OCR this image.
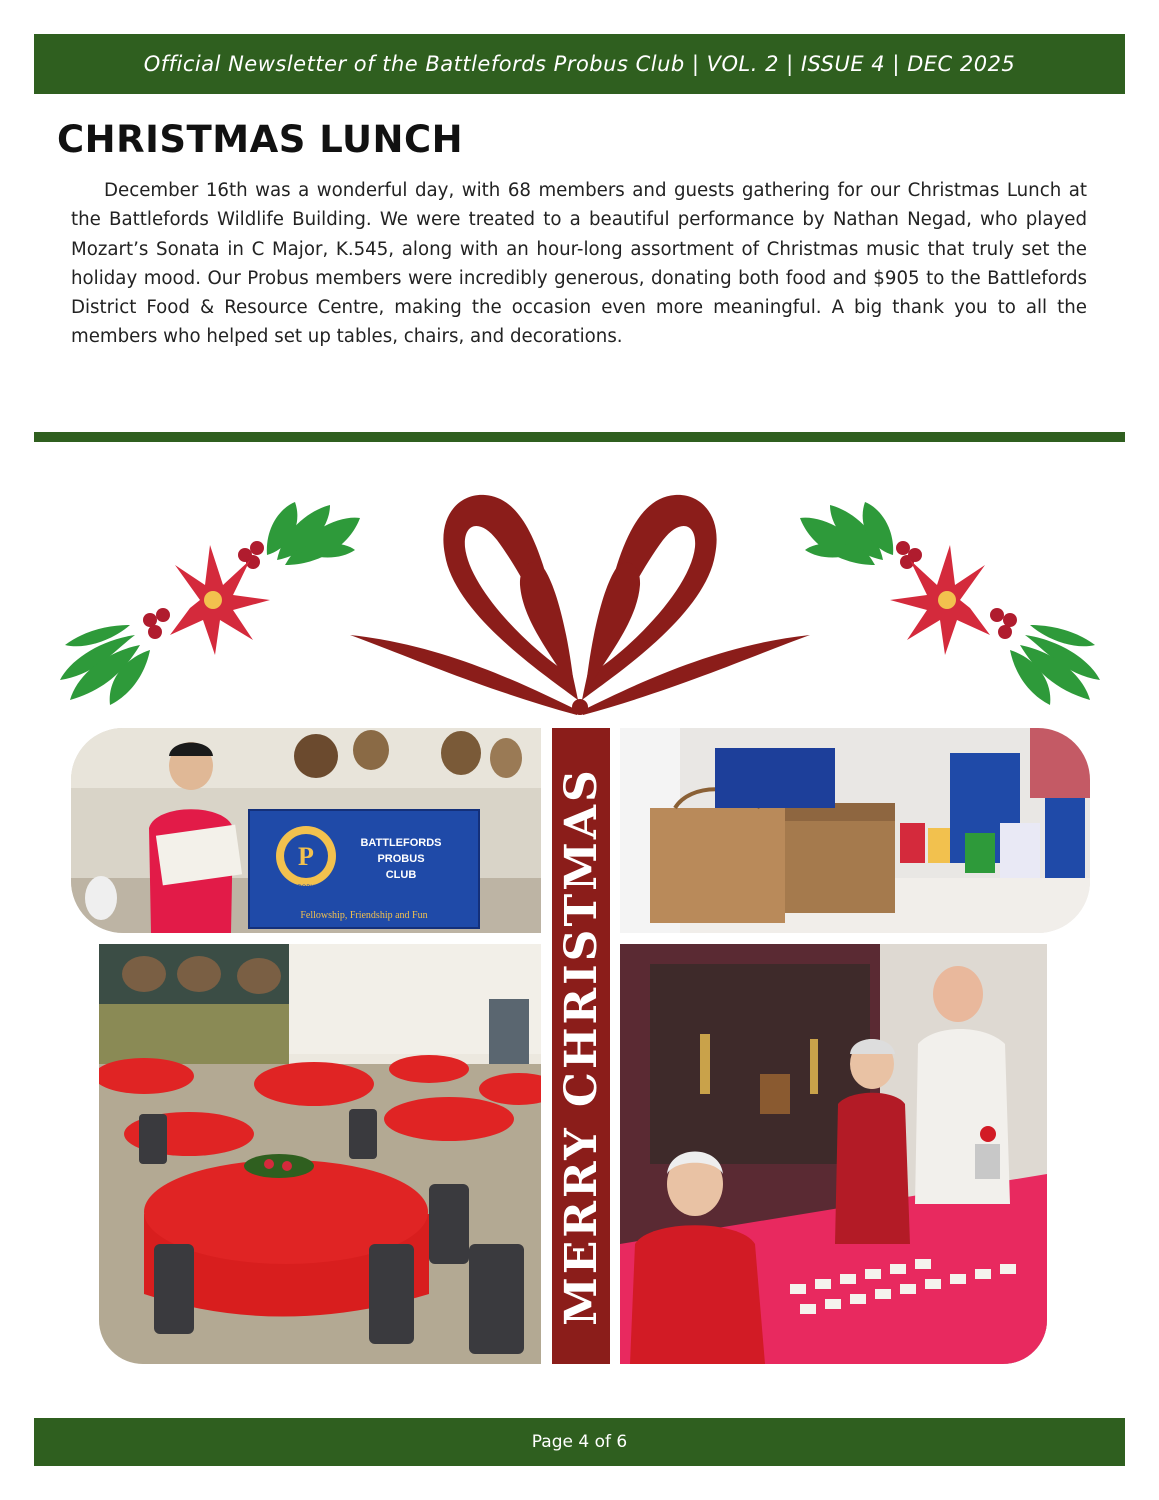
Official Newsletter of the Battlefords Probus Club | VOL. 2 | ISSUE 4 | DEC 2025
CHRISTMAS LUNCH

December 16th was a wonderful day, with 68 members and guests gathering for our Christmas Lunch at the Battlefords Wildlife Building. We were treated to a beautiful performance by Nathan Negad, who played Mozart’s Sonata in C Major, K.545, along with an hour-long assortment of Christmas music that truly set the holiday mood. Our Probus members were incredibly generous, donating both food and $905 to the Battlefords District Food & Resource Centre, making the occasion even more meaningful. A big thank you to all the members who helped set up tables, chairs, and decorations.

P
PROBUS
BATTLEFORDS
PROBUS
CLUB
Fellowship, Friendship and Fun	MERRY CHRISTMAS
Page 4 of 6
